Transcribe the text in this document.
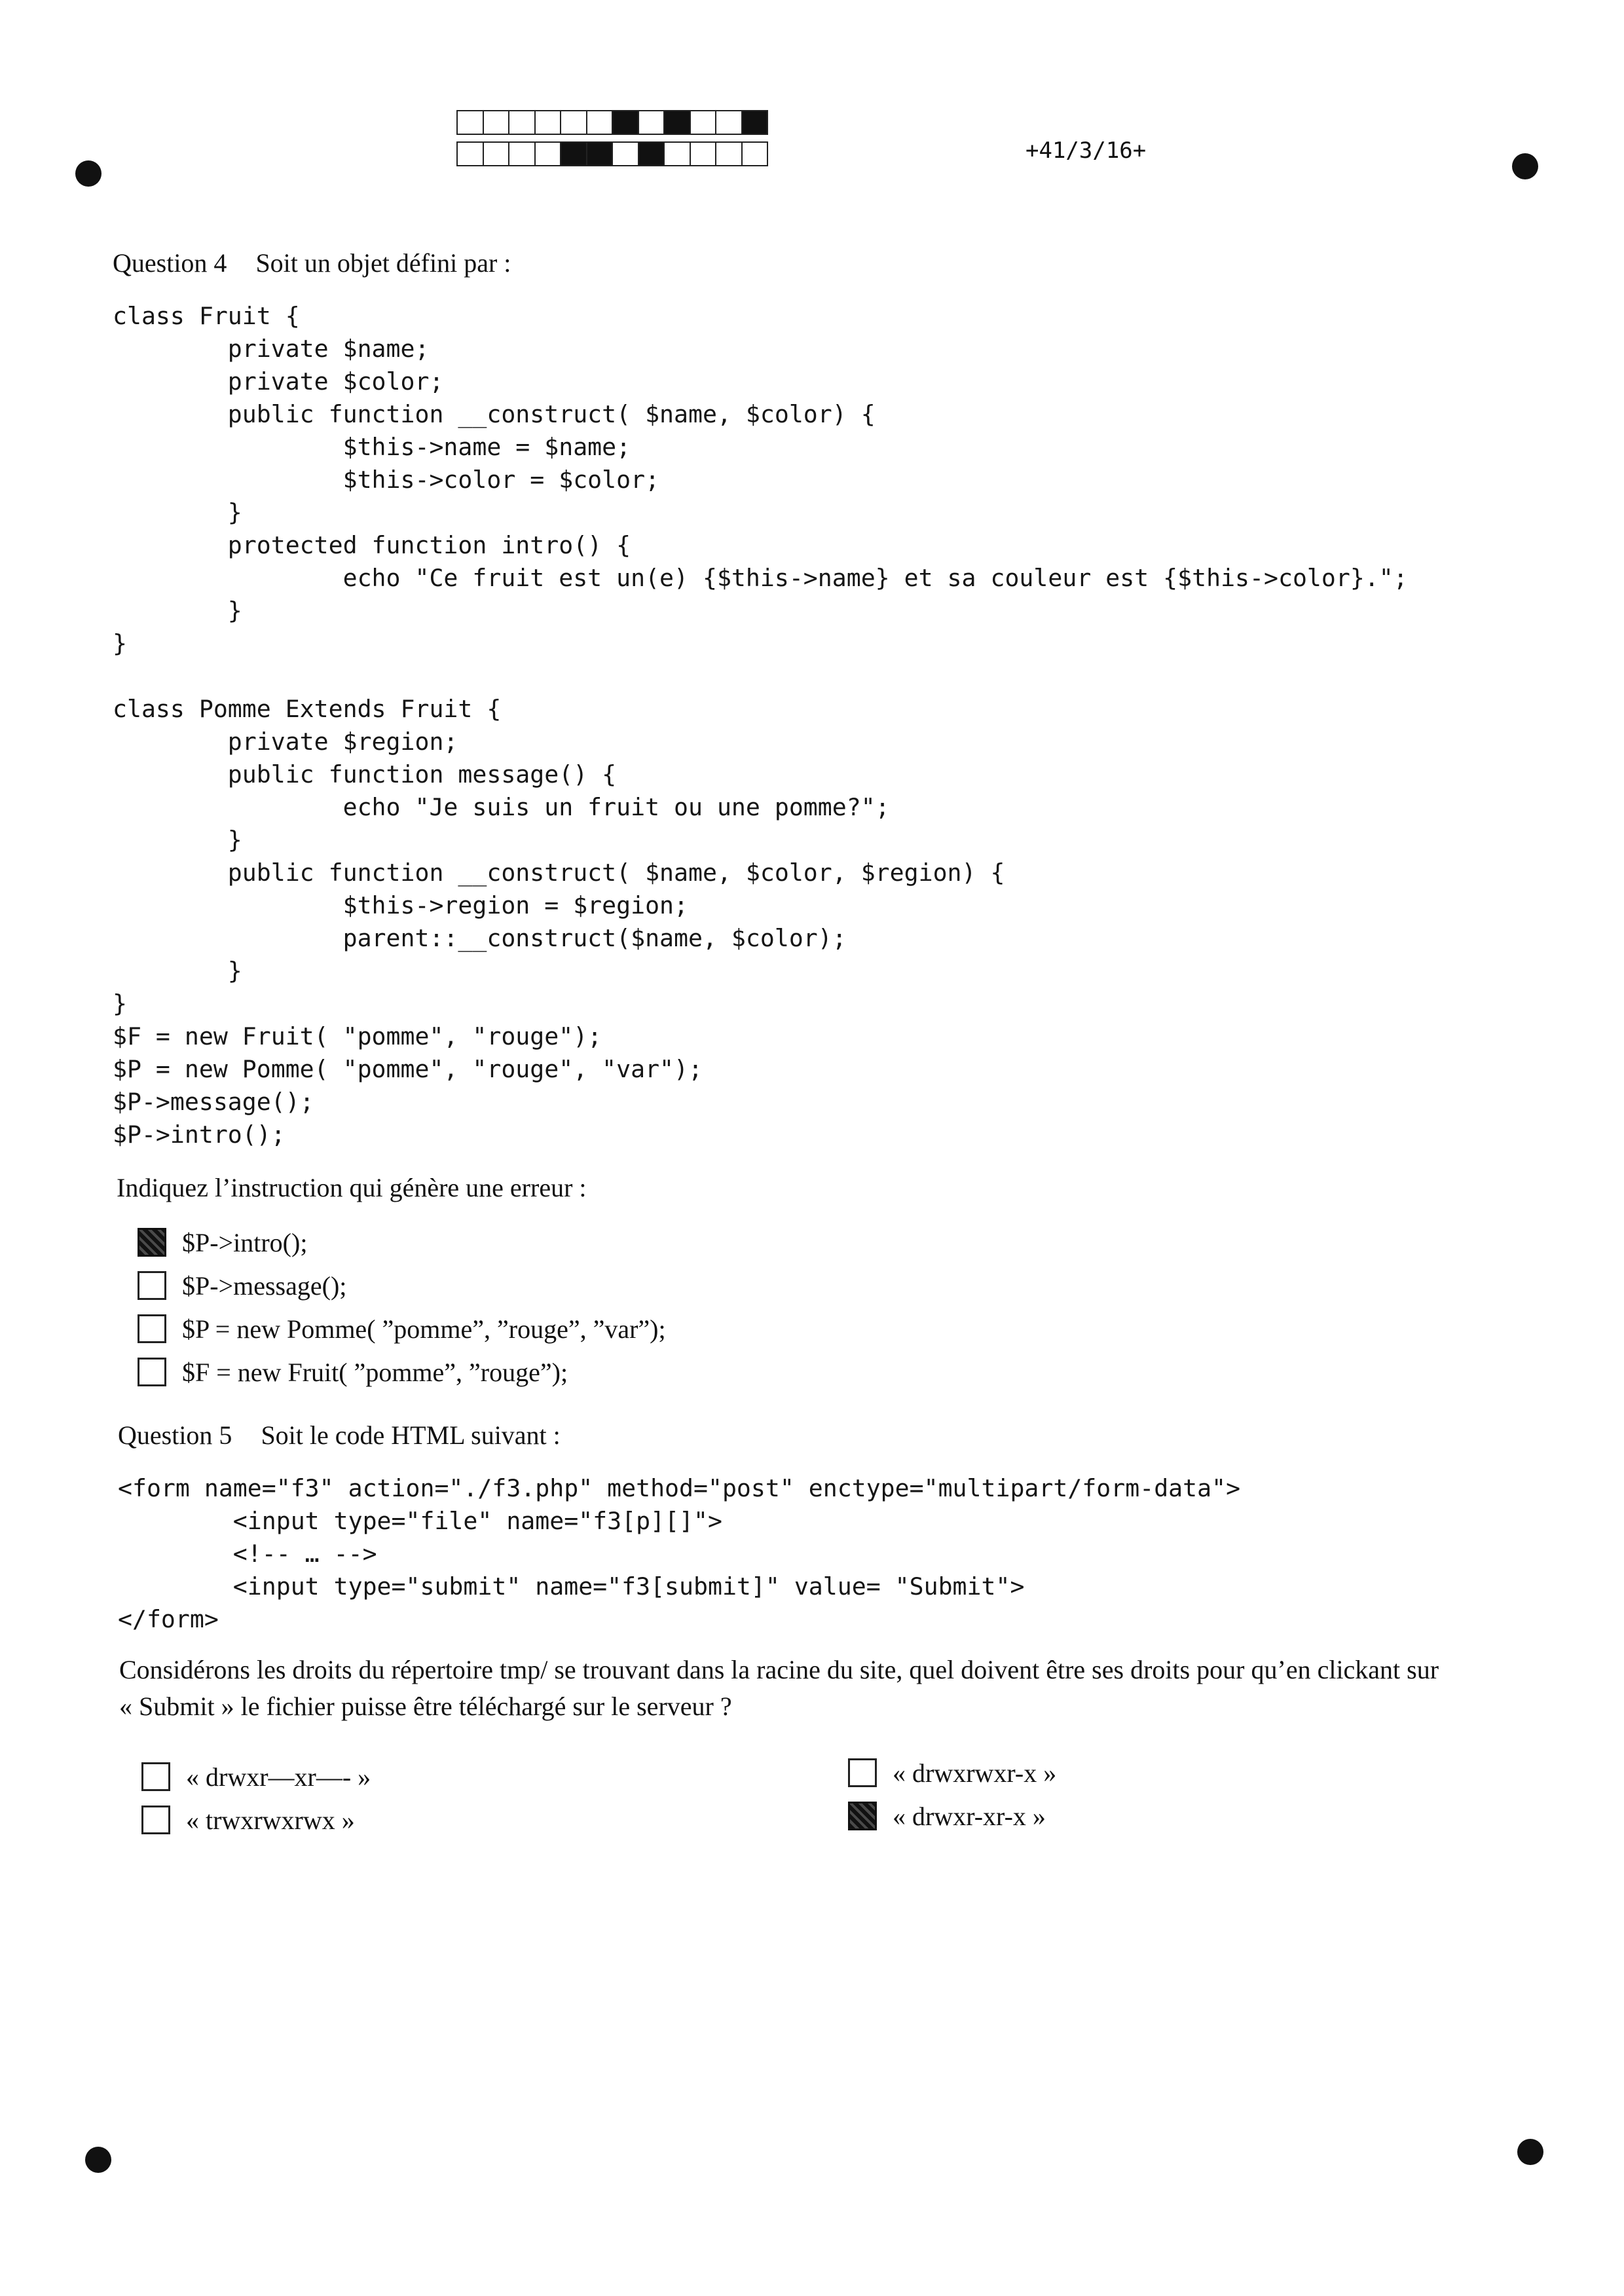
+41/3/16+
Question 4 Soit un objet défini par :
class Fruit {
private $name;
private $color;
public function __construct( $name, $color) {
$this->name = $name;
$this->color = $color;
}
protected function intro() {
echo "Ce fruit est un(e) {$this->name} et sa couleur est {$this->color}.";
}
}

class Pomme Extends Fruit {
private $region;
public function message() {
echo "Je suis un fruit ou une pomme?";
}
public function __construct( $name, $color, $region) {
$this->region = $region;
parent::__construct($name, $color);
}
}
$F = new Fruit( "pomme", "rouge");
$P = new Pomme( "pomme", "rouge", "var");
$P->message();
$P->intro();
Indiquez l’instruction qui génère une erreur :
$P->intro();
$P->message();
$P = new Pomme( ”pomme”, ”rouge”, ”var”);
$F = new Fruit( ”pomme”, ”rouge”);
Question 5 Soit le code HTML suivant :
<form name="f3" action="./f3.php" method="post" enctype="multipart/form-data">
<input type="file" name="f3[p][]">
<!-- … -->
<input type="submit" name="f3[submit]" value= "Submit">
</form>
Considérons les droits du répertoire tmp/ se trouvant dans la racine du site, quel doivent être ses droits pour qu’en clickant sur
« Submit » le fichier puisse être téléchargé sur le serveur ?
« drwxr—xr—- »
« trwxrwxrwx »
« drwxrwxr-x »
« drwxr-xr-x »
